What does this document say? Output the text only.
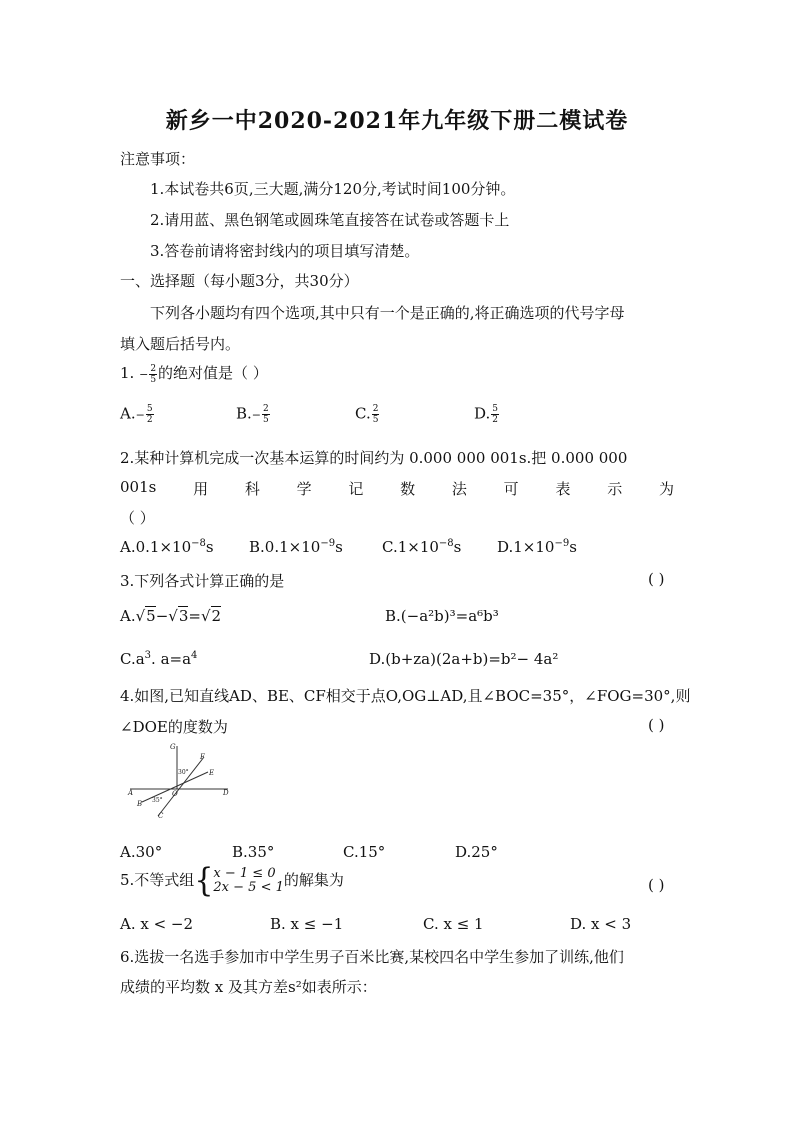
新乡一中2020-2021年九年级下册二模试卷
注意事项：
1.本试卷共6页,三大题,满分120分,考试时间100分钟。
2.请用蓝、黑色钢笔或圆珠笔直接答在试卷或答题卡上
3.答卷前请将密封线内的项目填写清楚。
一、选择题（每小题3分，共30分）
下列各小题均有四个选项,其中只有一个是正确的,将正确选项的代号字母
填入题后括号内。
1. − $\frac{2}{5}$ 的绝对值是（ ）
$A.- \frac{5}{2}$	$B.- \frac{2}{5}$	C. $\frac{2}{5}$	D. $\frac{5}{2}$
2.某种计算机完成一次基本运算的时间约为 0.000 000 001s.把 0.000 000
001s 用 科 学 记 数 法 可 表 示 为
（ ）
$A.0.1\times 10^{-8}s$ $B.0.1\times 10^{-9}s$	$C.1\times 10^{-8}s$ $D.1\times 10^{-9}s$
3.下列各式计算正确的是	( )
A.√5−√3=√2	B.(−a²b)³=a⁶b³
$C.a^3$. $a=a^4$	D.(b+za)(2a+b)=b²− 4a²
4.如图,已知直线AD、BE、CF相交于点O,OG⊥AD,且∠BOC=35°，∠FOG=30°,则
∠DOE的度数为	( )
G
F
E
A	O	D
B
C
30°
35°
A.30°	B.35°	C.15°	D.25°
5.不等式组{ x − 1 ≤ 0
2x − 5 < 1 的解集为	( )
A. x < −2	B. x ≤ −1	C. x ≤ 1	D. x < 3
6.选拔一名选手参加市中学生男子百米比赛,某校四名中学生参加了训练,他们
成绩的平均数 x 及其方差s²如表所示：
